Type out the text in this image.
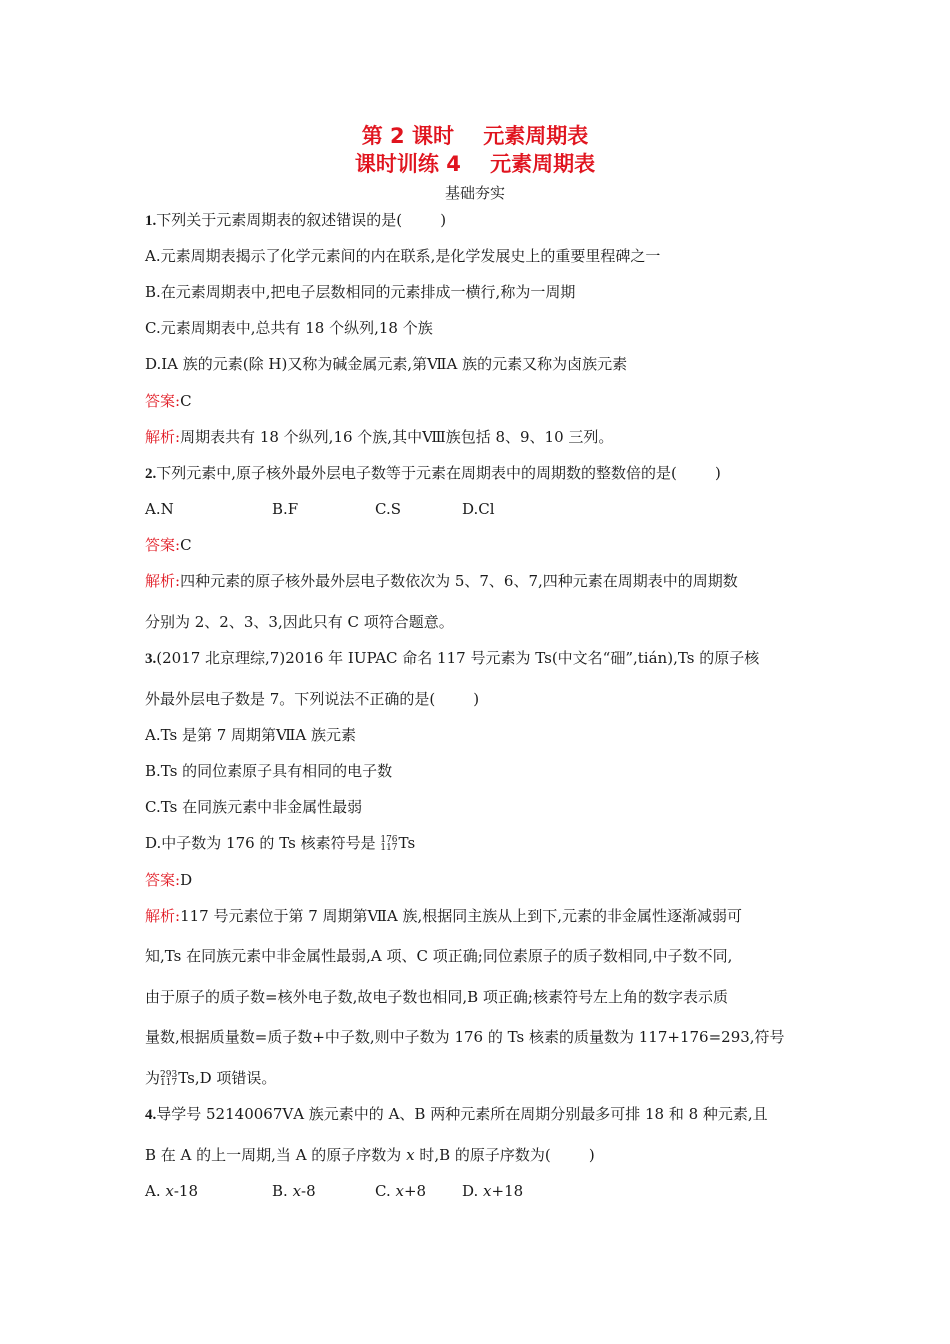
第 2 课时    元素周期表
课时训练 4    元素周期表
基础夯实
1.下列关于元素周期表的叙述错误的是(        )
A.元素周期表揭示了化学元素间的内在联系,是化学发展史上的重要里程碑之一
B.在元素周期表中,把电子层数相同的元素排成一横行,称为一周期
C.元素周期表中,总共有 18 个纵列,18 个族
D.ⅠA 族的元素(除 H)又称为碱金属元素,第ⅦA 族的元素又称为卤族元素
答案:C
解析:周期表共有 18 个纵列,16 个族,其中Ⅷ族包括 8、9、10 三列。
2.下列元素中,原子核外最外层电子数等于元素在周期表中的周期数的整数倍的是(        )
A.N	B.F	C.S	D.Cl
答案:C
解析:四种元素的原子核外最外层电子数依次为 5、7、6、7,四种元素在周期表中的周期数
分别为 2、2、3、3,因此只有 C 项符合题意。
3.(2017 北京理综,7)2016 年 IUPAC 命名 117 号元素为 Ts(中文名“鿬”,tián),Ts 的原子核
外最外层电子数是 7。下列说法不正确的是(        )
A.Ts 是第 7 周期第ⅦA 族元素
B.Ts 的同位素原子具有相同的电子数
C.Ts 在同族元素中非金属性最弱
D.中子数为 176 的 Ts 核素符号是 176
117 Ts
答案:D
解析:117 号元素位于第 7 周期第ⅦA 族,根据同主族从上到下,元素的非金属性逐渐减弱可
知,Ts 在同族元素中非金属性最弱,A 项、C 项正确;同位素原子的质子数相同,中子数不同,
由于原子的质子数=核外电子数,故电子数也相同,B 项正确;核素符号左上角的数字表示质
量数,根据质量数=质子数+中子数,则中子数为 176 的 Ts 核素的质量数为 117+176=293,符号
为 293
117 Ts,D 项错误。
4.导学号 52140067ⅤA 族元素中的 A、B 两种元素所在周期分别最多可排 18 和 8 种元素,且
B 在 A 的上一周期,当 A 的原子序数为 x 时,B 的原子序数为(        )
A. x-18	B. x-8	C. x+8 D. x+18
